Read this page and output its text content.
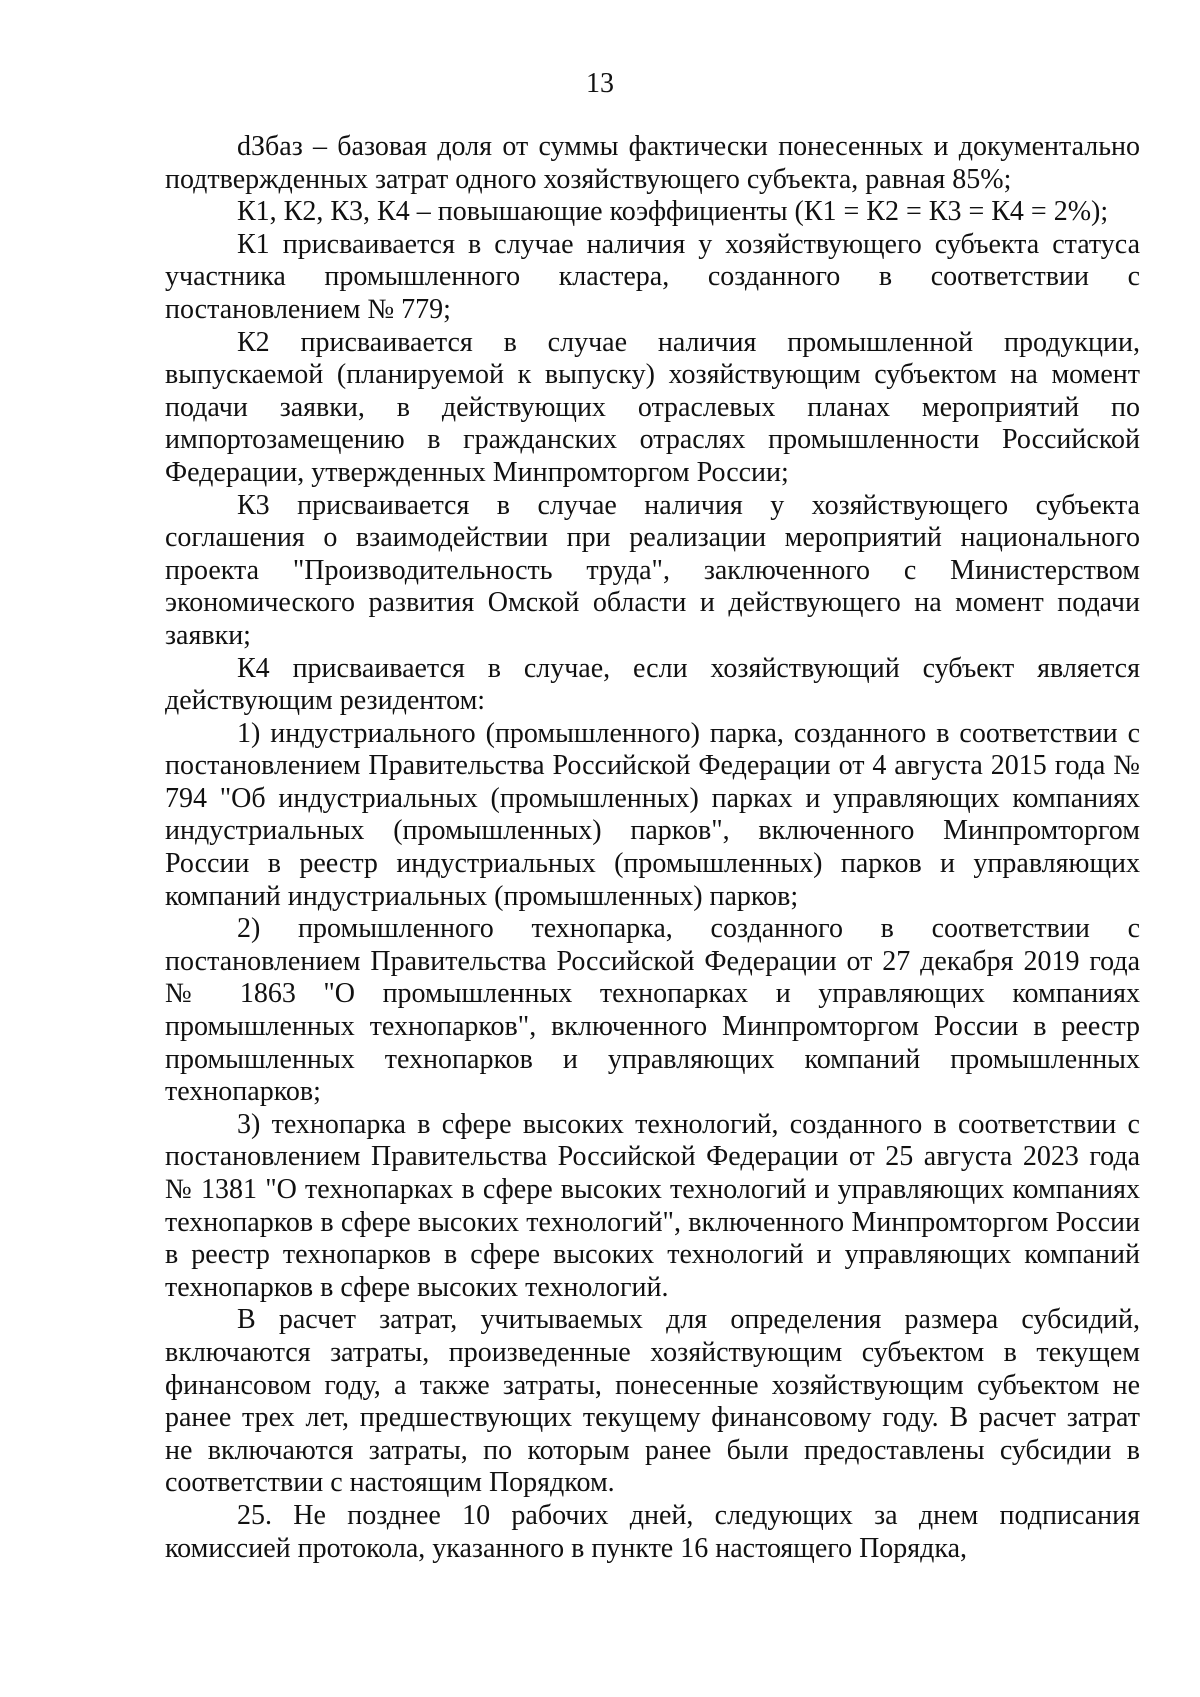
13

dЗбаз – базовая доля от суммы фактически понесенных и документально подтвержденных затрат одного хозяйствующего субъекта, равная 85%;

К1, К2, К3, К4 – повышающие коэффициенты (К1 = К2 = К3 = К4 = 2%);

К1 присваивается в случае наличия у хозяйствующего субъекта статуса участника промышленного кластера, созданного в соответствии с постановлением № 779;

К2 присваивается в случае наличия промышленной продукции, выпускаемой (планируемой к выпуску) хозяйствующим субъектом на момент подачи заявки, в действующих отраслевых планах мероприятий по импортозамещению в гражданских отраслях промышленности Российской Федерации, утвержденных Минпромторгом России;

К3 присваивается в случае наличия у хозяйствующего субъекта соглашения о взаимодействии при реализации мероприятий национального проекта "Производительность труда", заключенного с Министерством экономического развития Омской области и действующего на момент подачи заявки;

К4 присваивается в случае, если хозяйствующий субъект является действующим резидентом:

1) индустриального (промышленного) парка, созданного в соответствии с постановлением Правительства Российской Федерации от 4 августа 2015 года № 794 "Об индустриальных (промышленных) парках и управляющих компаниях индустриальных (промышленных) парков", включенного Минпромторгом России в реестр индустриальных (промышленных) парков и управляющих компаний индустриальных (промышленных) парков;

2) промышленного технопарка, созданного в соответствии с постановлением Правительства Российской Федерации от 27 декабря 2019 года № 1863 "О промышленных технопарках и управляющих компаниях промышленных технопарков", включенного Минпромторгом России в реестр промышленных технопарков и управляющих компаний промышленных технопарков;

3) технопарка в сфере высоких технологий, созданного в соответствии с постановлением Правительства Российской Федерации от 25 августа 2023 года № 1381 "О технопарках в сфере высоких технологий и управляющих компаниях технопарков в сфере высоких технологий", включенного Минпромторгом России в реестр технопарков в сфере высоких технологий и управляющих компаний технопарков в сфере высоких технологий.

В расчет затрат, учитываемых для определения размера субсидий, включаются затраты, произведенные хозяйствующим субъектом в текущем финансовом году, а также затраты, понесенные хозяйствующим субъектом не ранее трех лет, предшествующих текущему финансовому году. В расчет затрат не включаются затраты, по которым ранее были предоставлены субсидии в соответствии с настоящим Порядком.

25. Не позднее 10 рабочих дней, следующих за днем подписания комиссией протокола, указанного в пункте 16 настоящего Порядка,
